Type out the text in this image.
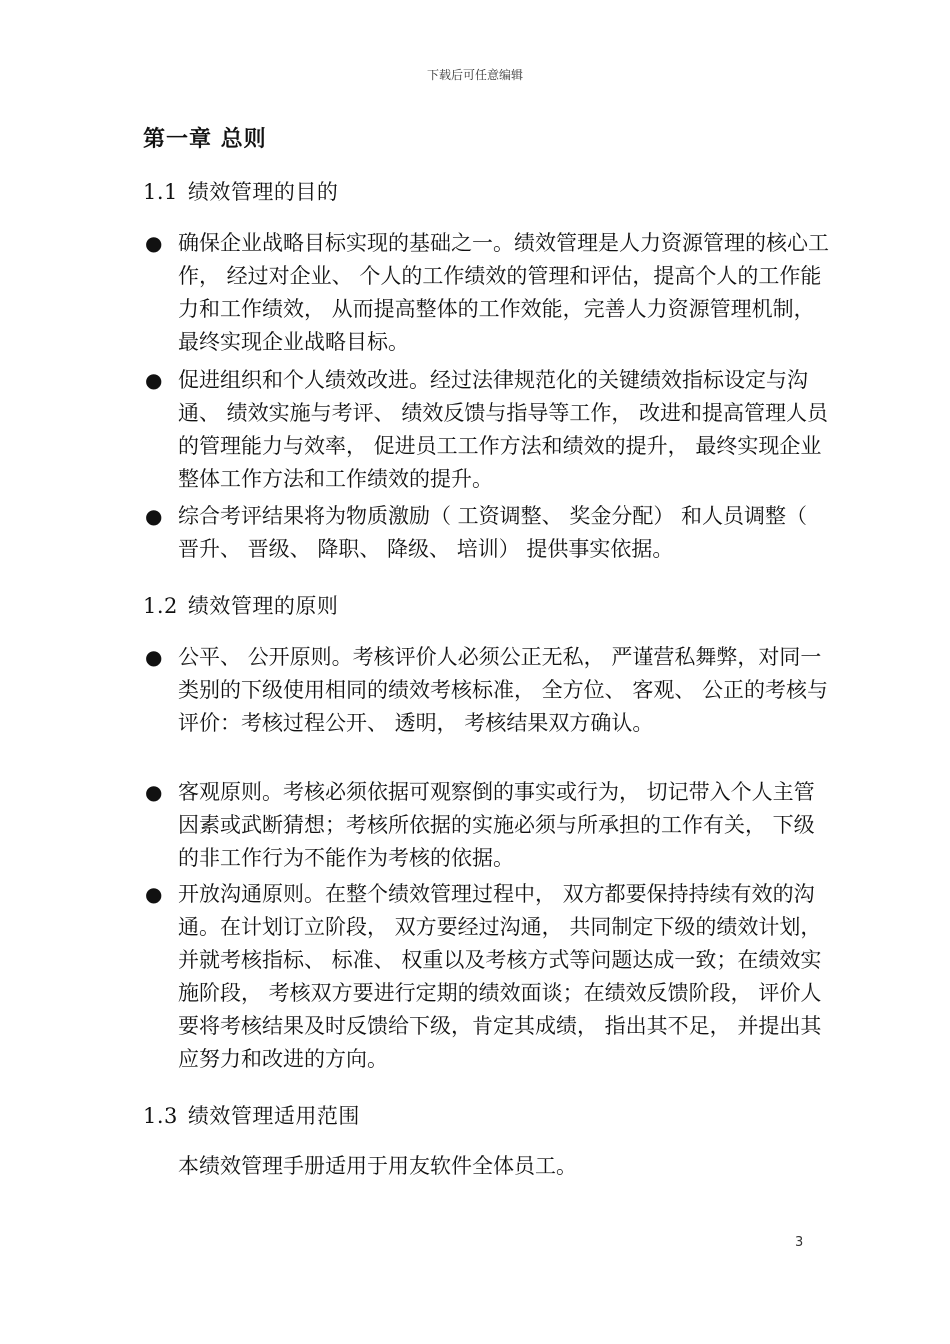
下载后可任意编辑
第一章 总则
1.1 绩效管理的目的
● 确保企业战略目标实现的基础之一。绩效管理是人力资源管理的核心工作， 经过对企业、 个人的工作绩效的管理和评估，提高个人的工作能力和工作绩效， 从而提高整体的工作效能，完善人力资源管理机制， 最终实现企业战略目标。
● 促进组织和个人绩效改进。经过法律规范化的关键绩效指标设定与沟通、 绩效实施与考评、 绩效反馈与指导等工作， 改进和提高管理人员的管理能力与效率， 促进员工工作方法和绩效的提升， 最终实现企业整体工作方法和工作绩效的提升。
● 综合考评结果将为物质激励（ 工资调整、 奖金分配） 和人员调整（ 晋升、 晋级、 降职、 降级、 培训） 提供事实依据。
1.2 绩效管理的原则
● 公平、 公开原则。考核评价人必须公正无私， 严谨营私舞弊，对同一类别的下级使用相同的绩效考核标准， 全方位、 客观、 公正的考核与评价：考核过程公开、 透明， 考核结果双方确认。
● 客观原则。考核必须依据可观察倒的事实或行为， 切记带入个人主管因素或武断猜想；考核所依据的实施必须与所承担的工作有关， 下级的非工作行为不能作为考核的依据。
● 开放沟通原则。在整个绩效管理过程中， 双方都要保持持续有效的沟通。在计划订立阶段， 双方要经过沟通， 共同制定下级的绩效计划， 并就考核指标、 标准、 权重以及考核方式等问题达成一致；在绩效实施阶段， 考核双方要进行定期的绩效面谈；在绩效反馈阶段， 评价人要将考核结果及时反馈给下级，肯定其成绩， 指出其不足， 并提出其应努力和改进的方向。
1.3 绩效管理适用范围
本绩效管理手册适用于用友软件全体员工。
3
